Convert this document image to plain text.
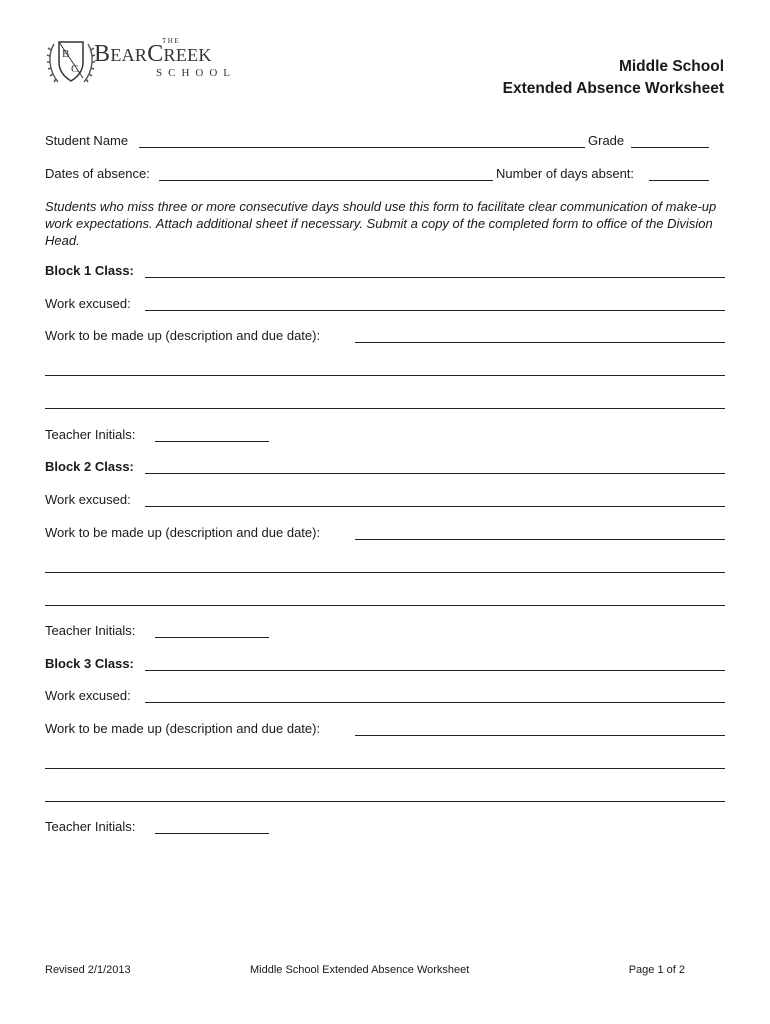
B
C
THE
BEARCREEK
SCHOOL	Middle School
Extended Absence Worksheet
Student Name	Grade
Dates of absence:	Number of days absent:
Students who miss three or more consecutive days should use this form to facilitate clear communication of make-up work expectations. Attach additional sheet if necessary. Submit a copy of the completed form to office of the Division Head.
Block 1 Class:
Work excused:
Work to be made up (description and due date):
Teacher Initials:
Block 2 Class:
Work excused:
Work to be made up (description and due date):
Teacher Initials:
Block 3 Class:
Work excused:
Work to be made up (description and due date):
Teacher Initials:
Revised 2/1/2013	Middle School Extended Absence Worksheet	Page 1 of 2
